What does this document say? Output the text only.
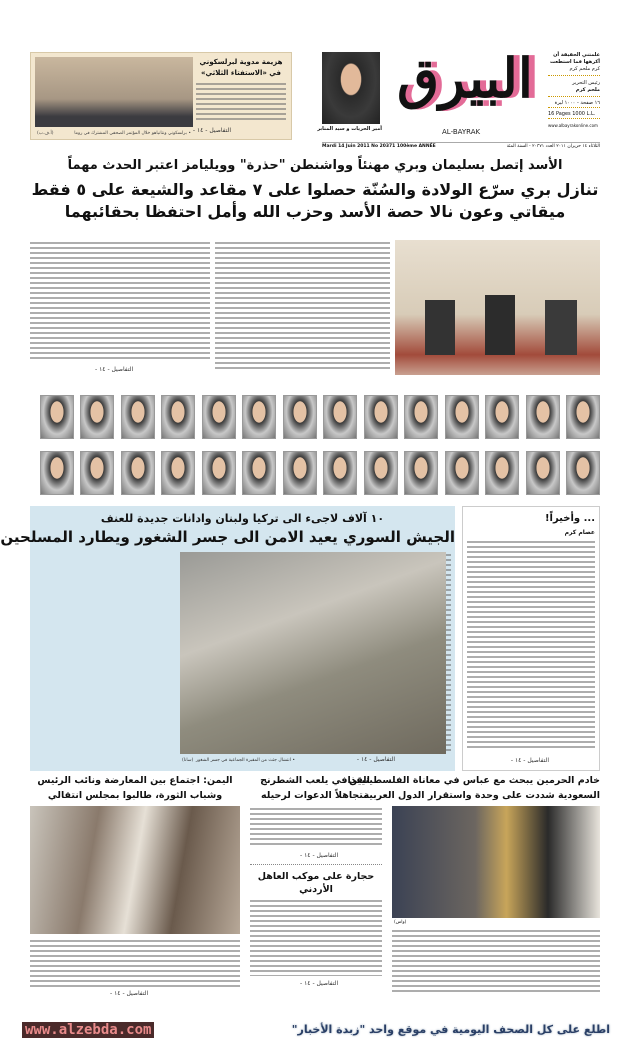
هزيمة مدوية لبرلسكوني في «الاستفتاء الثلاثي»
التفاصيل - ١٤ -
• برلسكوني ونتانياهو خلال المؤتمر الصحفي المشترك في روما
(أ.ف.ب)
أمير الحريات و سيد المنابر
البيرق
AL-BAYRAK
علمتني الحقيقة أن أكرهها فما استطعت
كرم ملحم كرم
رئيس التحرير
ملحم كرم
١٦ صفحة - ١٠٠٠ ليرة
16 Pages 1000 L.L.
www.albayrakonline.com
Mardi 14 Juin 2011 No 20371 100ème ANNÉE	الثلاثاء ١٤ حزيران ٢٠١١ العدد ٢٠٣٧١ - السنة المئة
الأسد إتصل بسليمان وبري مهنئاً وواشنطن "حذرة" وويليامز اعتبر الحدث مهماً
تنازل بري سرّع الولادة والسُنّة حصلوا على ٧ مقاعد والشيعة على ٥ فقط
ميقاتي وعون نالا حصة الأسد وحزب الله وأمل احتفظا بحقائبهما
التفاصيل - ١٤ -
١٠ آلاف لاجىء الى تركيا ولبنان وادانات جديدة للعنف
الجيش السوري يعيد الامن الى جسر الشغور ويطارد المسلحين
التفاصيل - ١٤ -
• انتشال جثث من المقبرة الجماعية في جسر الشغور
(سانا)
... وأخيراً!
عصام كرم
التفاصيل - ١٤ -
خادم الحرمين يبحث مع عباس في معاناة الفلسطينيين
السعودية شددت على وحدة واستقرار الدول العربية
(واس)
القذافي يلعب الشطرنج
متجاهلاً الدعوات لرحيله
التفاصيل - ١٤ -
حجارة على موكب العاهل الأردني
التفاصيل - ١٤ -
اليمن: اجتماع بين المعارضة ونائب الرئيس
وشباب الثورة، طالبوا بمجلس انتقالي
التفاصيل - ١٤ -
www.alzebda.com	اطلع على كل الصحف اليومية في موقع واحد "زبدة الأخبار"
